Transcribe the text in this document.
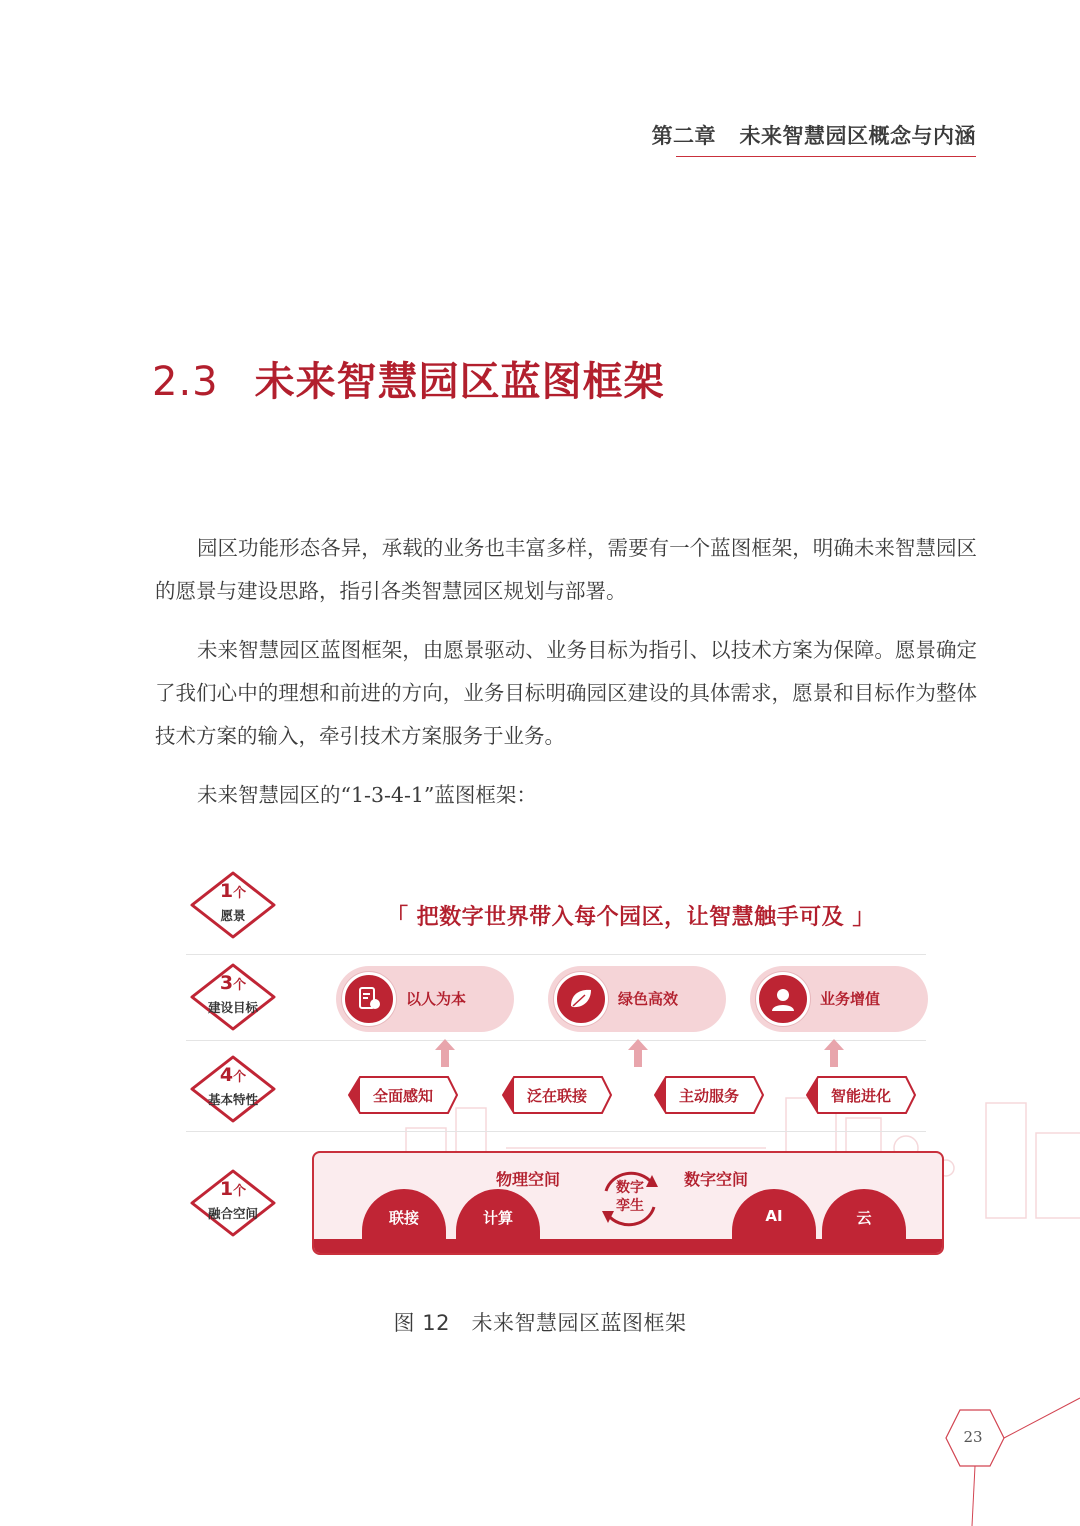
第二章 未来智慧园区概念与内涵
2.3 未来智慧园区蓝图框架

园区功能形态各异，承载的业务也丰富多样，需要有一个蓝图框架，明确未来智慧园区的愿景与建设思路，指引各类智慧园区规划与部署。

未来智慧园区蓝图框架，由愿景驱动、业务目标为指引、以技术方案为保障。愿景确定了我们心中的理想和前进的方向，业务目标明确园区建设的具体需求，愿景和目标作为整体技术方案的输入，牵引技术方案服务于业务。

未来智慧园区的“1-3-4-1”蓝图框架：

1个
愿景
3个
建设目标
4个
基本特性
1个
融合空间
「 把数字世界带入每个园区，让智慧触手可及 」
以人为本	绿色高效	业务增值
全面感知	泛在联接	主动服务	智能进化
物理空间	数字空间
数字
孪生
联接	计算	AI	云
图 12　未来智慧园区蓝图框架
23
